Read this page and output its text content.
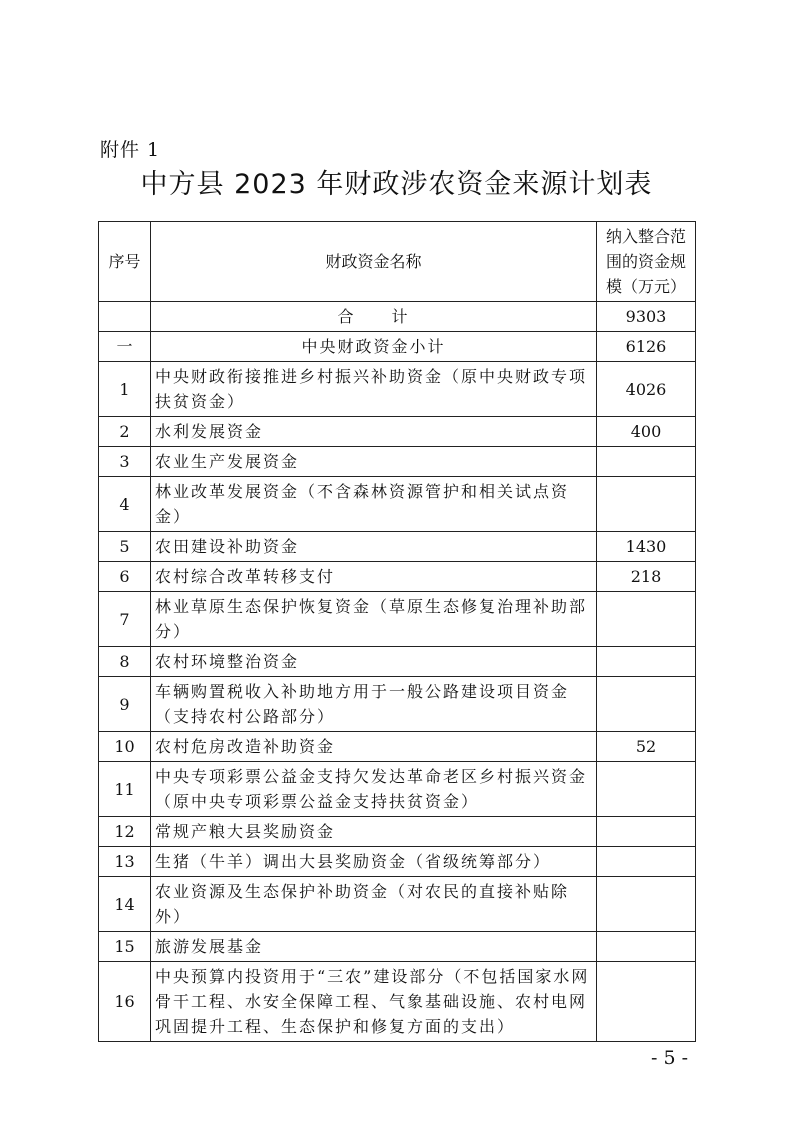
附件 1
中方县 2023 年财政涉农资金来源计划表
序号	财政资金名称	纳入整合范围的资金规模（万元）
	合　　计	9303
一	中央财政资金小计	6126
1	中央财政衔接推进乡村振兴补助资金（原中央财政专项扶贫资金）	4026
2	水利发展资金	400
3	农业生产发展资金	
4	林业改革发展资金（不含森林资源管护和相关试点资金）	
5	农田建设补助资金	1430
6	农村综合改革转移支付	218
7	林业草原生态保护恢复资金（草原生态修复治理补助部分）	
8	农村环境整治资金	
9	车辆购置税收入补助地方用于一般公路建设项目资金（支持农村公路部分）	
10	农村危房改造补助资金	52
11	中央专项彩票公益金支持欠发达革命老区乡村振兴资金（原中央专项彩票公益金支持扶贫资金）	
12	常规产粮大县奖励资金	
13	生猪（牛羊）调出大县奖励资金（省级统筹部分）	
14	农业资源及生态保护补助资金（对农民的直接补贴除外）	
15	旅游发展基金	
16	中央预算内投资用于“三农”建设部分（不包括国家水网骨干工程、水安全保障工程、气象基础设施、农村电网巩固提升工程、生态保护和修复方面的支出）	
- 5 -
